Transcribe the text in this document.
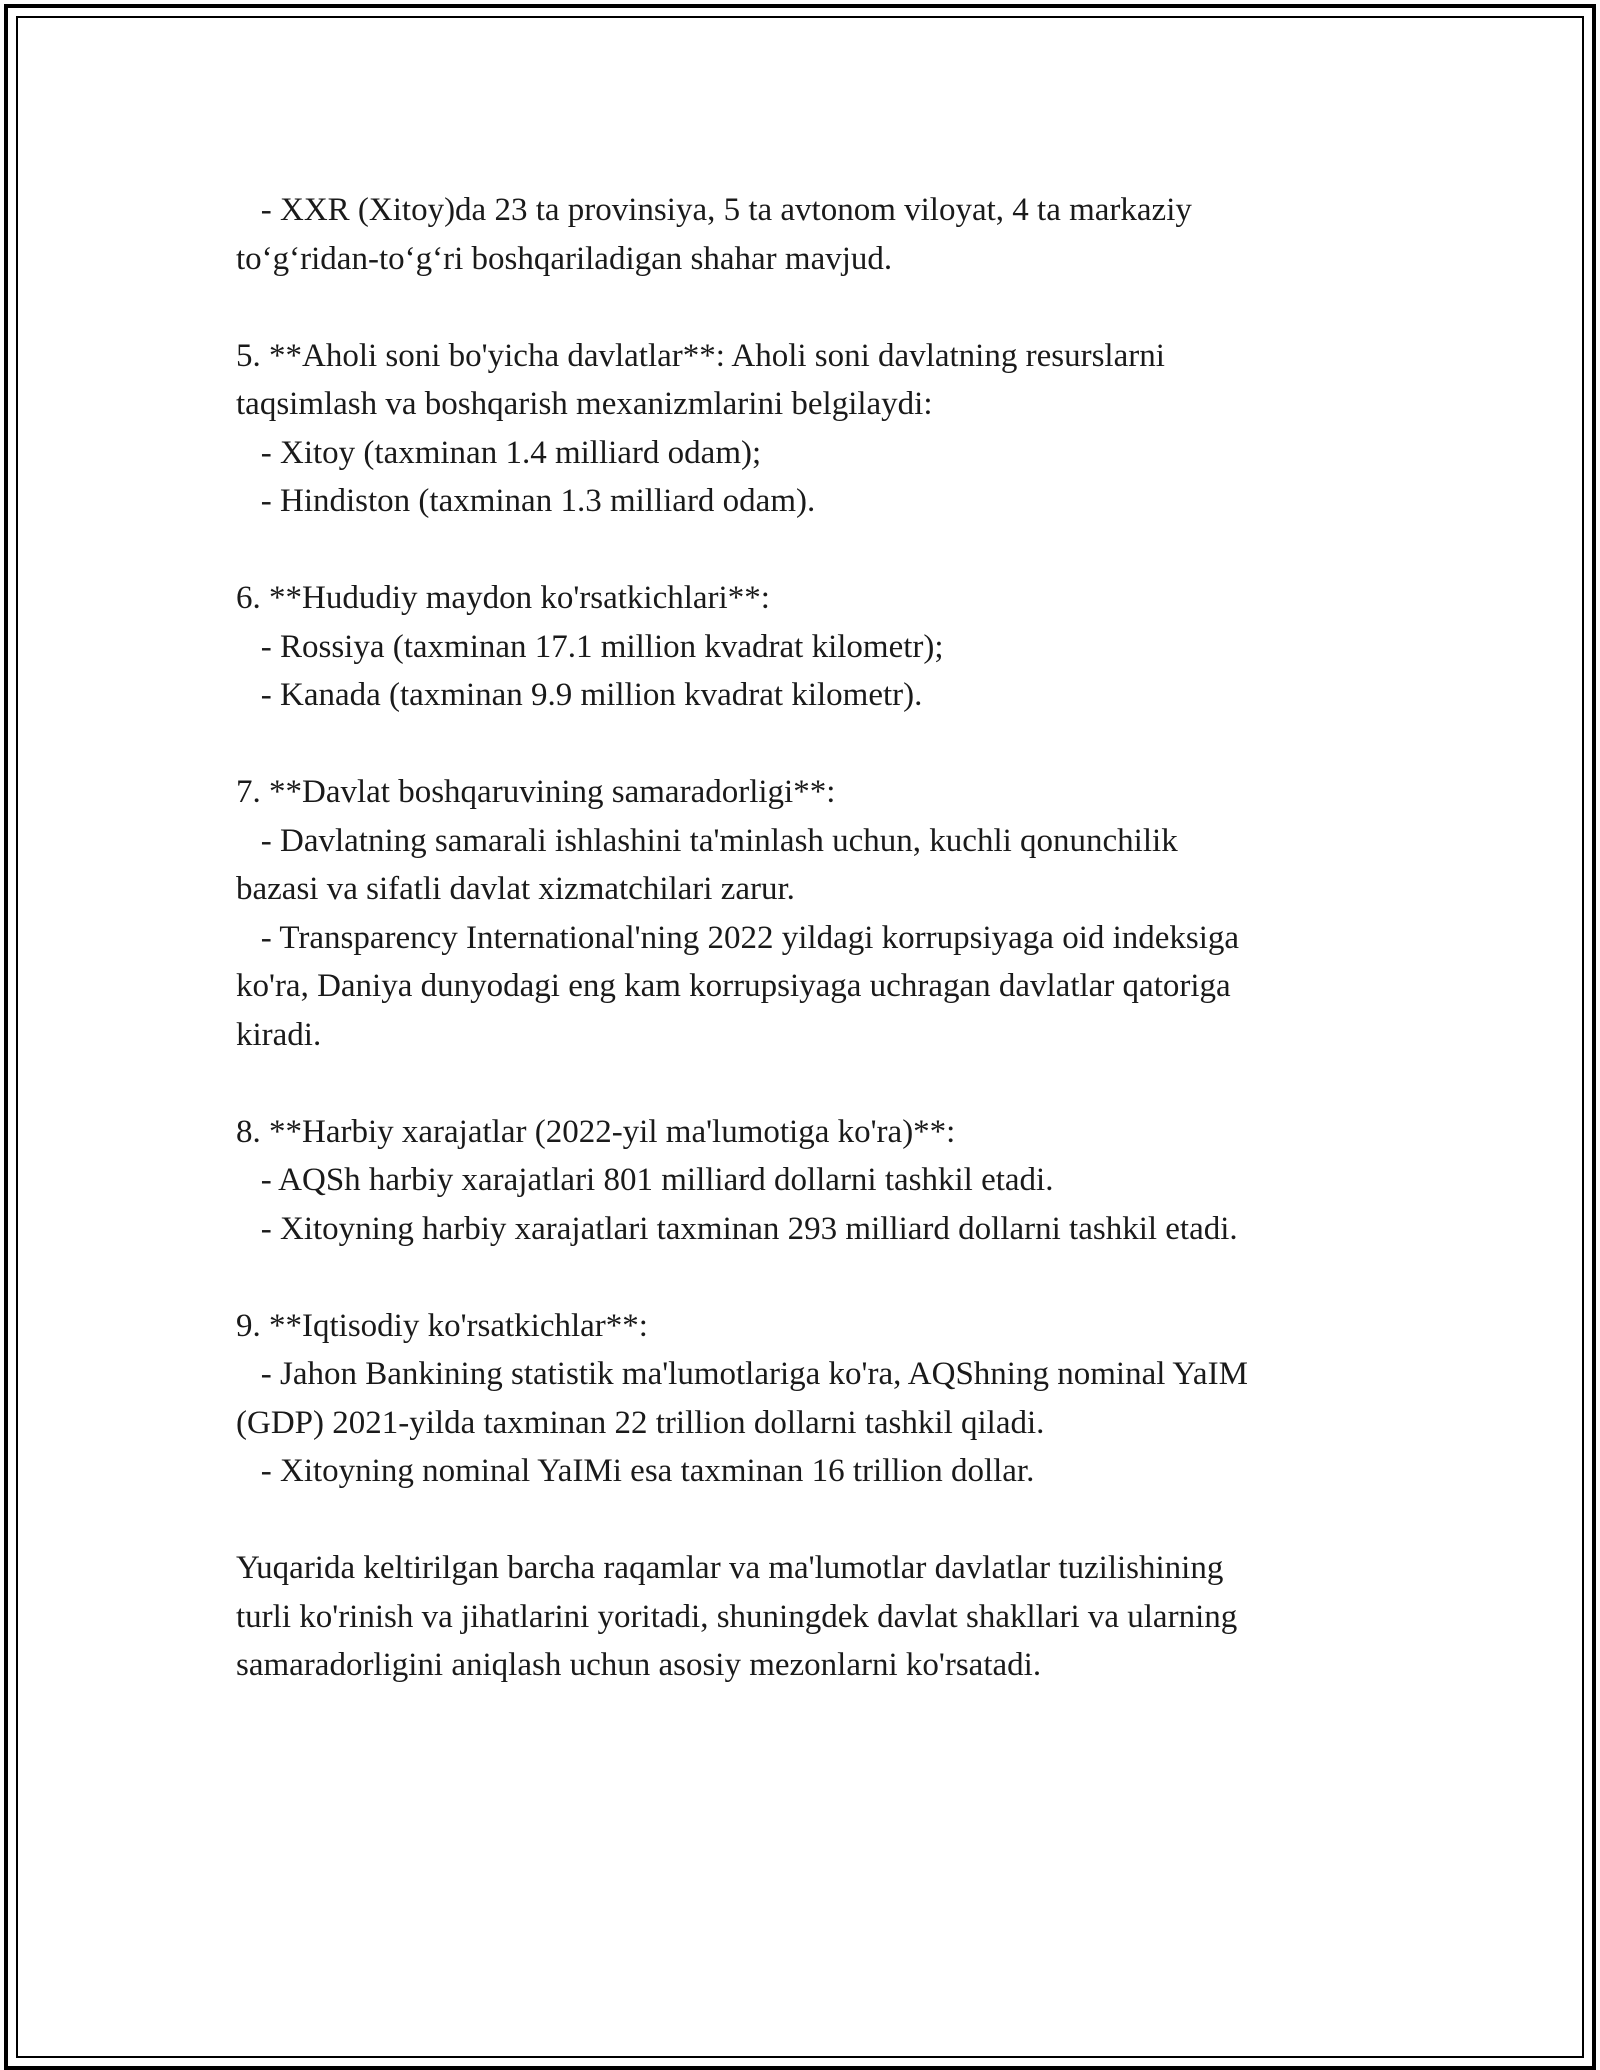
- XXR (Xitoy)da 23 ta provinsiya, 5 ta avtonom viloyat, 4 ta markaziy
to‘g‘ridan-to‘g‘ri boshqariladigan shahar mavjud.
5. **Aholi soni bo'yicha davlatlar**: Aholi soni davlatning resurslarni
taqsimlash va boshqarish mexanizmlarini belgilaydi:
- Xitoy (taxminan 1.4 milliard odam);
- Hindiston (taxminan 1.3 milliard odam).
6. **Hududiy maydon ko'rsatkichlari**:
- Rossiya (taxminan 17.1 million kvadrat kilometr);
- Kanada (taxminan 9.9 million kvadrat kilometr).
7. **Davlat boshqaruvining samaradorligi**:
- Davlatning samarali ishlashini ta'minlash uchun, kuchli qonunchilik
bazasi va sifatli davlat xizmatchilari zarur.
- Transparency International'ning 2022 yildagi korrupsiyaga oid indeksiga
ko'ra, Daniya dunyodagi eng kam korrupsiyaga uchragan davlatlar qatoriga
kiradi.
8. **Harbiy xarajatlar (2022-yil ma'lumotiga ko'ra)**:
- AQSh harbiy xarajatlari 801 milliard dollarni tashkil etadi.
- Xitoyning harbiy xarajatlari taxminan 293 milliard dollarni tashkil etadi.
9. **Iqtisodiy ko'rsatkichlar**:
- Jahon Bankining statistik ma'lumotlariga ko'ra, AQShning nominal YaIM
(GDP) 2021-yilda taxminan 22 trillion dollarni tashkil qiladi.
- Xitoyning nominal YaIMi esa taxminan 16 trillion dollar.
Yuqarida keltirilgan barcha raqamlar va ma'lumotlar davlatlar tuzilishining
turli ko'rinish va jihatlarini yoritadi, shuningdek davlat shakllari va ularning
samaradorligini aniqlash uchun asosiy mezonlarni ko'rsatadi.
